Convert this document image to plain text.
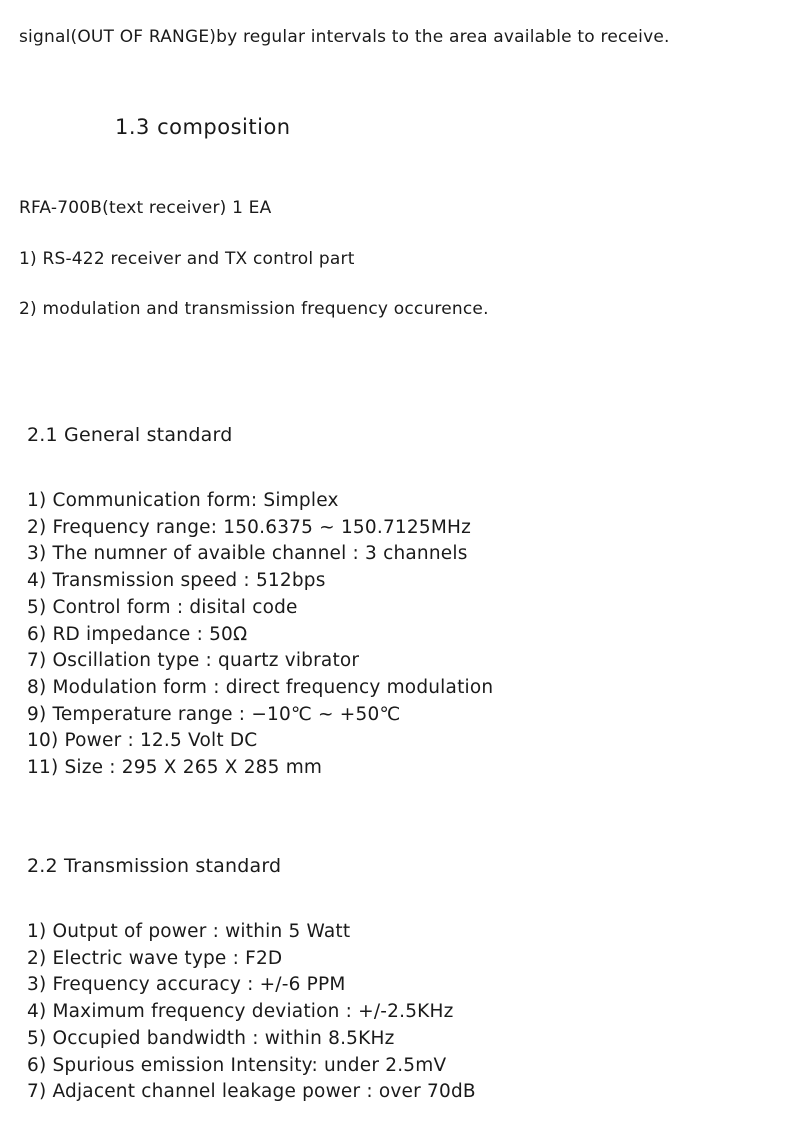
signal(OUT OF RANGE)by regular intervals to the area available to receive.

1.3 composition

RFA-700B(text receiver) 1 EA

1) RS-422 receiver and TX control part

2) modulation and transmission frequency occurence.

2.1 General standard
1) Communication form: Simplex
2) Frequency range: 150.6375 ~ 150.7125MHz
3) The numner of avaible channel : 3 channels
4) Transmission speed : 512bps
5) Control form : disital code
6) RD impedance : 50Ω
7) Oscillation type : quartz vibrator
8) Modulation form : direct frequency modulation
9) Temperature range : −10℃ ~ +50℃
10) Power : 12.5 Volt DC
11) Size : 295 X 265 X 285 mm
2.2 Transmission standard
1) Output of power : within 5 Watt
2) Electric wave type : F2D
3) Frequency accuracy : +/-6 PPM
4) Maximum frequency deviation : +/-2.5KHz
5) Occupied bandwidth : within 8.5KHz
6) Spurious emission Intensity: under 2.5mV
7) Adjacent channel leakage power : over 70dB
